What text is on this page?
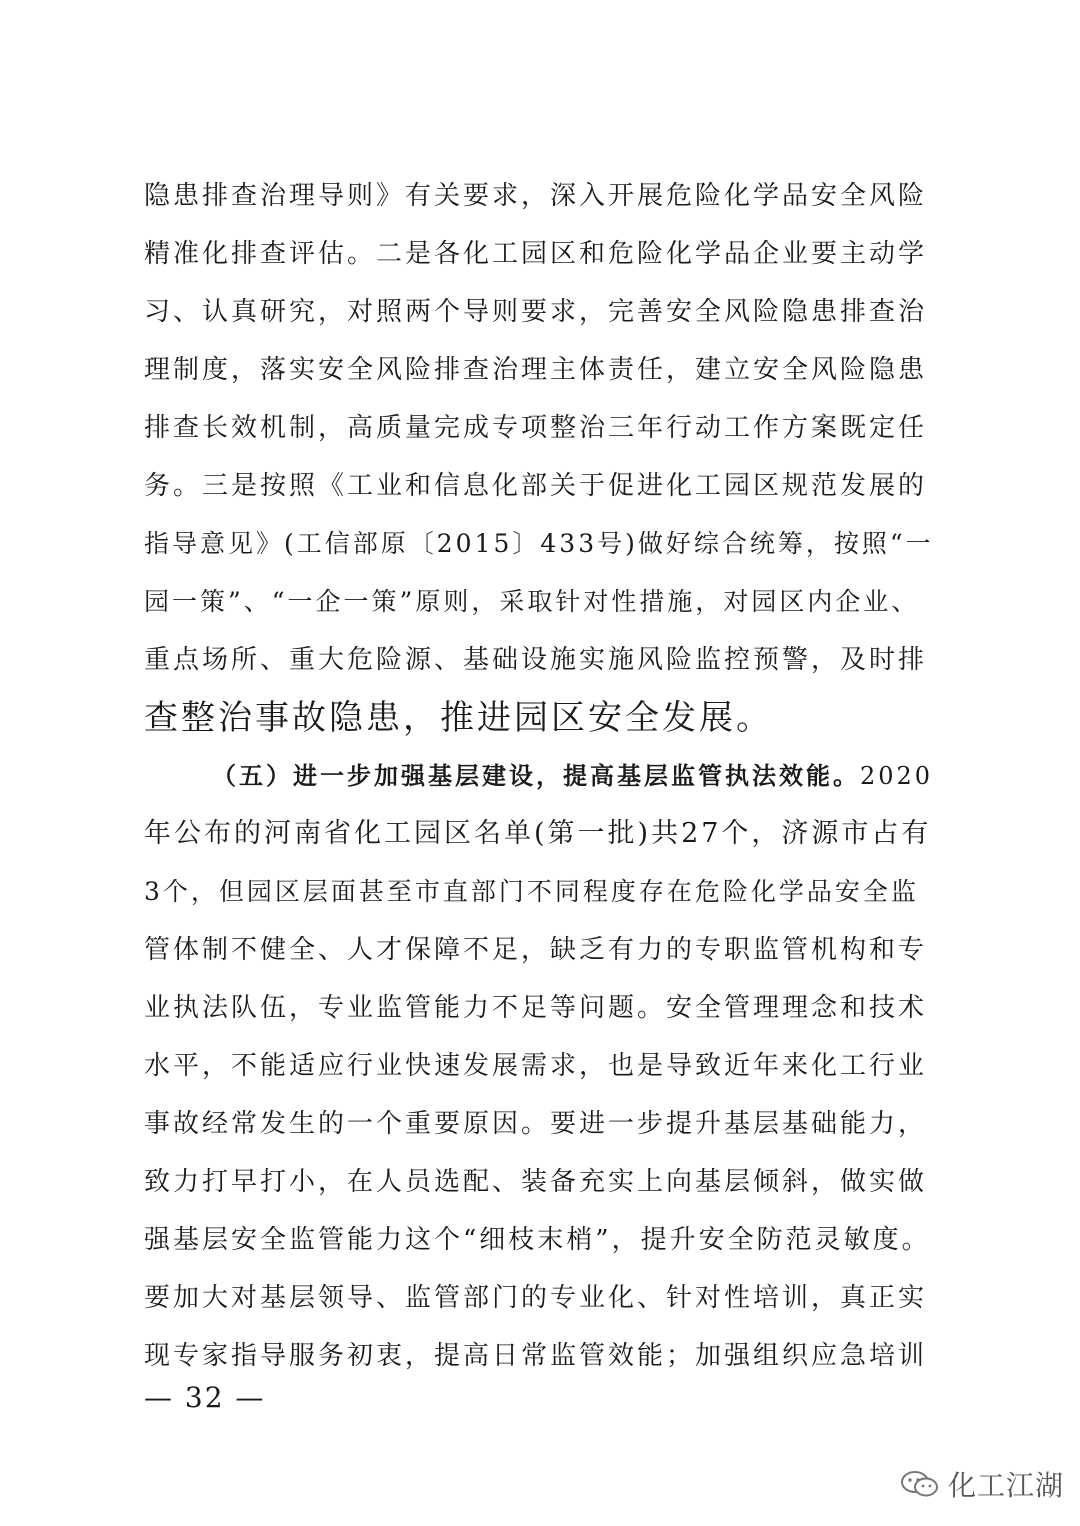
隐患排查治理导则》有关要求，深入开展危险化学品安全风险
精准化排查评估。二是各化工园区和危险化学品企业要主动学
习、认真研究，对照两个导则要求，完善安全风险隐患排查治
理制度，落实安全风险排查治理主体责任，建立安全风险隐患
排查长效机制，高质量完成专项整治三年行动工作方案既定任
务。三是按照《工业和信息化部关于促进化工园区规范发展的
指导意见》(工信部原〔2015〕433号)做好综合统筹，按照“一
园一策”、“一企一策”原则，采取针对性措施，对园区内企业、
重点场所、重大危险源、基础设施实施风险监控预警，及时排
查整治事故隐患，推进园区安全发展。
（五）进一步加强基层建设，提高基层监管执法效能。2020
年公布的河南省化工园区名单(第一批)共27个，济源市占有
3个，但园区层面甚至市直部门不同程度存在危险化学品安全监
管体制不健全、人才保障不足，缺乏有力的专职监管机构和专
业执法队伍，专业监管能力不足等问题。安全管理理念和技术
水平，不能适应行业快速发展需求，也是导致近年来化工行业
事故经常发生的一个重要原因。要进一步提升基层基础能力，
致力打早打小，在人员选配、装备充实上向基层倾斜，做实做
强基层安全监管能力这个“细枝末梢”，提升安全防范灵敏度。
要加大对基层领导、监管部门的专业化、针对性培训，真正实
现专家指导服务初衷，提高日常监管效能；加强组织应急培训
— 32 —
化工江湖
